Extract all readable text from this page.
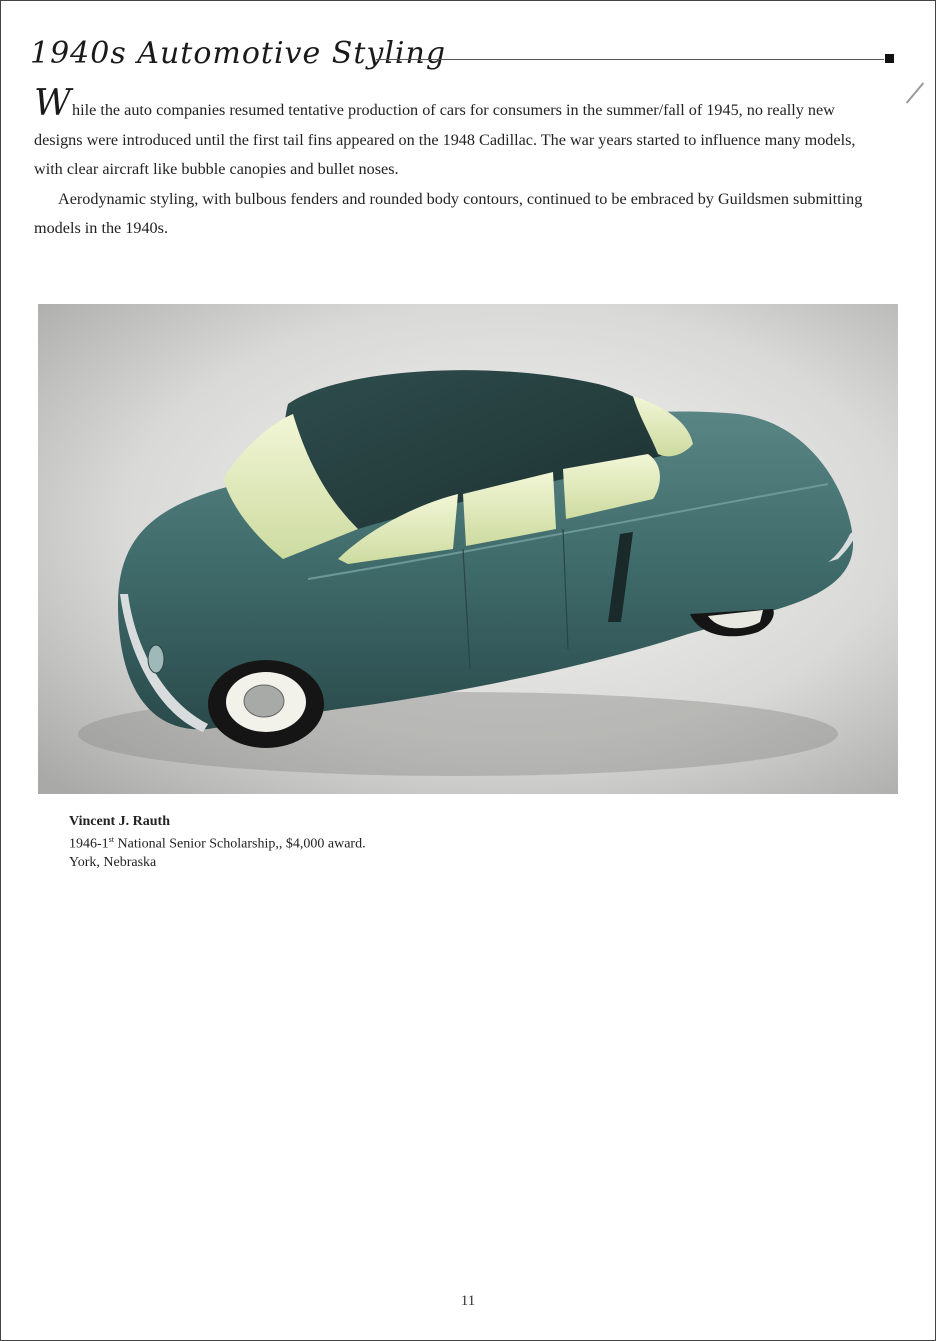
1940s Automotive Styling

While the auto companies resumed tentative production of cars for consumers in the summer/fall of 1945, no really new designs were introduced until the first tail fins appeared on the 1948 Cadillac. The war years started to influence many models, with clear aircraft like bubble canopies and bullet noses.

Aerodynamic styling, with bulbous fenders and rounded body contours, continued to be embraced by Guildsmen submitting models in the 1940s.

Vincent J. Rauth
1946-1st National Senior Scholarship,, $4,000 award.
York, Nebraska
11
